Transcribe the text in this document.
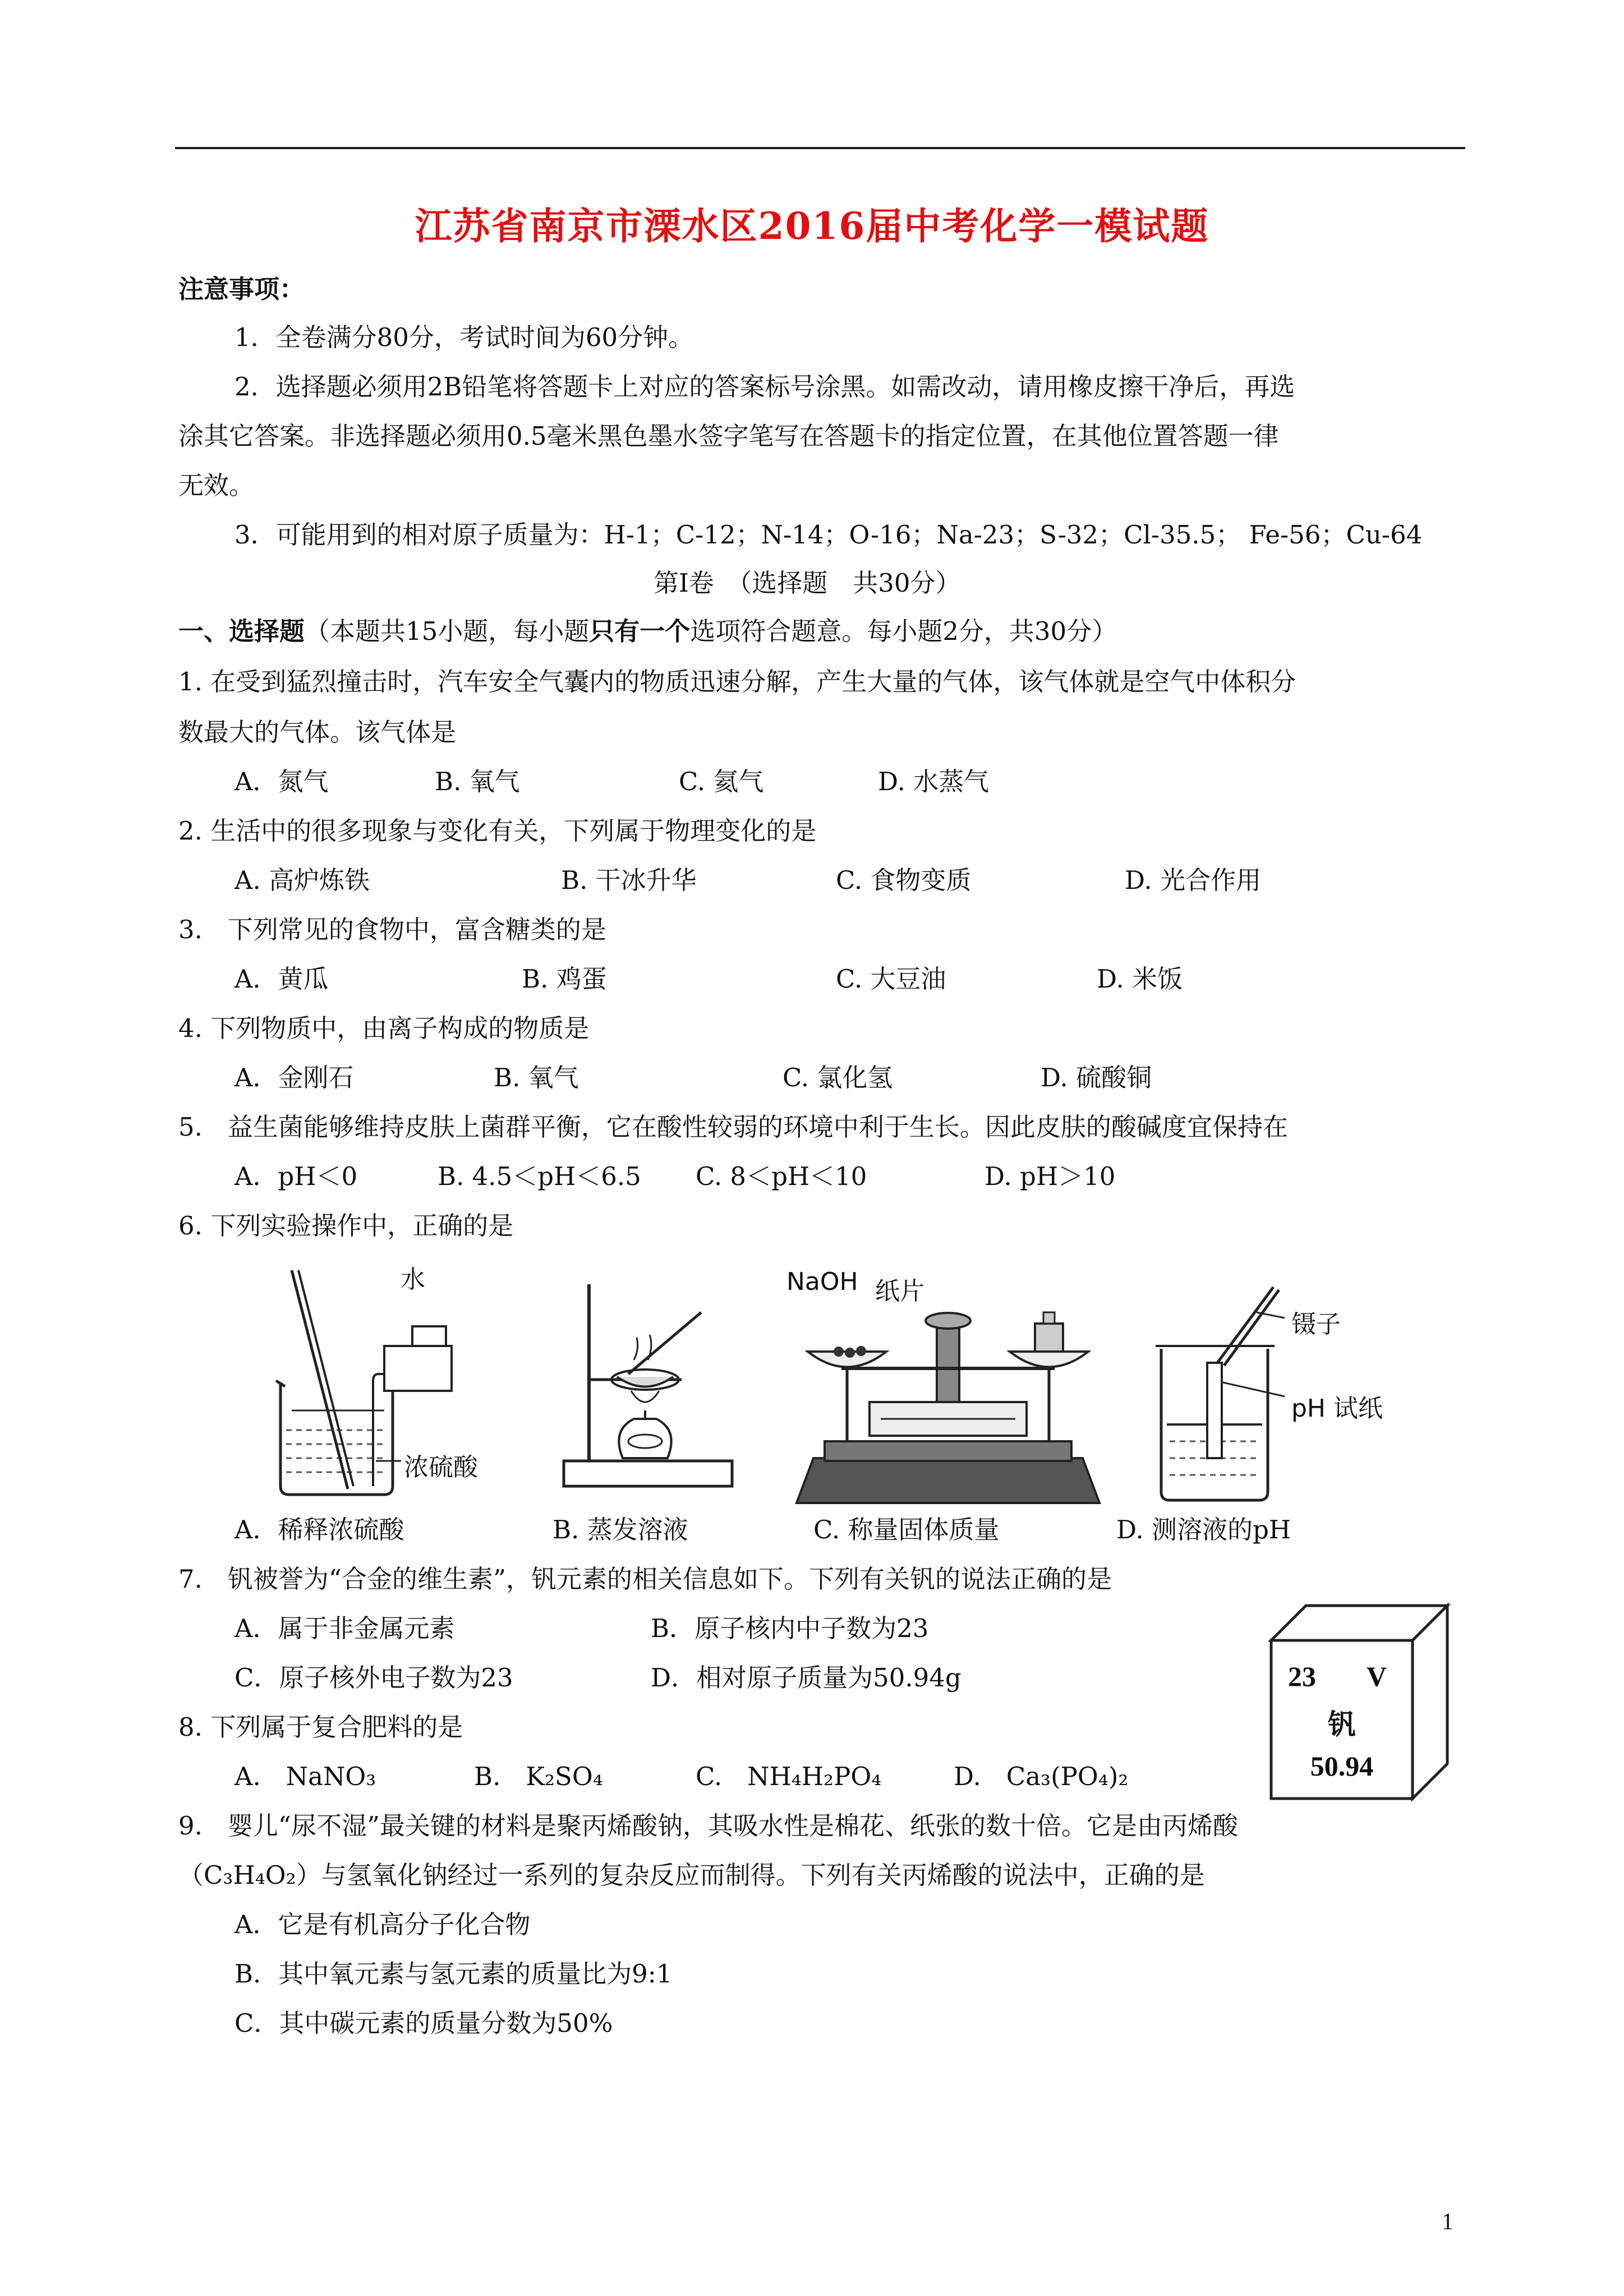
江苏省南京市溧水区2016届中考化学一模试题
注意事项：
1．全卷满分80分，考试时间为60分钟。
2．选择题必须用2B铅笔将答题卡上对应的答案标号涂黑。如需改动，请用橡皮擦干净后，再选
涂其它答案。非选择题必须用0.5毫米黑色墨水签字笔写在答题卡的指定位置，在其他位置答题一律
无效。
3．可能用到的相对原子质量为：H-1；C-12；N-14；O-16；Na-23；S-32；Cl-35.5； Fe-56；Cu-64
第Ⅰ卷　（选择题　共30分）
一、选择题（本题共15小题，每小题只有一个选项符合题意。每小题2分，共30分）
1. 在受到猛烈撞击时，汽车安全气囊内的物质迅速分解，产生大量的气体，该气体就是空气中体积分
数最大的气体。该气体是
A．氮气	B. 氧气	C. 氦气	D. 水蒸气
2. 生活中的很多现象与变化有关，下列属于物理变化的是
A. 高炉炼铁	B. 干冰升华	C. 食物变质	D. 光合作用
3.　下列常见的食物中，富含糖类的是
A．黄瓜	B. 鸡蛋	C. 大豆油	D. 米饭
4. 下列物质中，由离子构成的物质是
A．金刚石	B. 氧气	C. 氯化氢	D. 硫酸铜
5.　益生菌能够维持皮肤上菌群平衡，它在酸性较弱的环境中利于生长。因此皮肤的酸碱度宜保持在
A．pH＜0	B. 4.5＜pH＜6.5 C. 8＜pH＜10	D. pH＞10
6. 下列实验操作中，正确的是
水
浓硫酸
NaOH 纸片
镊子
pH 试纸
A．稀释浓硫酸	B. 蒸发溶液	C. 称量固体质量	D. 测溶液的pH
7.　钒被誉为“合金的维生素”，钒元素的相关信息如下。下列有关钒的说法正确的是
A．属于非金属元素	B．原子核内中子数为23
C．原子核外电子数为23	D．相对原子质量为50.94g	23 V
钒
50.94
8. 下列属于复合肥料的是
A.　NaNO₃	B.　K₂SO₄	C.　NH₄H₂PO₄	D.　Ca₃(PO₄)₂
9.　婴儿“尿不湿”最关键的材料是聚丙烯酸钠，其吸水性是棉花、纸张的数十倍。它是由丙烯酸
（C₃H₄O₂）与氢氧化钠经过一系列的复杂反应而制得。下列有关丙烯酸的说法中，正确的是
A．它是有机高分子化合物
B．其中氧元素与氢元素的质量比为9:1
C．其中碳元素的质量分数为50%
1
